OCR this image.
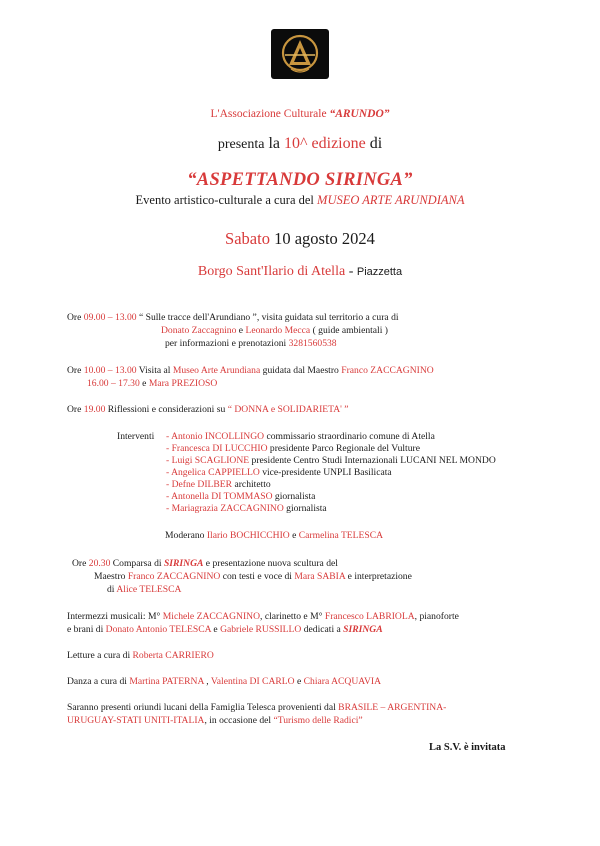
L'Associazione Culturale “ARUNDO”
presenta la 10^ edizione di
“ASPETTANDO SIRINGA”
Evento artistico-culturale a cura del MUSEO ARTE ARUNDIANA
Sabato 10 agosto 2024
Borgo Sant'Ilario di Atella - Piazzetta
Ore 09.00 – 13.00 “ Sulle tracce dell'Arundiano ”, visita guidata sul territorio a cura di
Donato Zaccagnino e Leonardo Mecca ( guide ambientali )
per informazioni e prenotazioni 3281560538
Ore 10.00 – 13.00 Visita al Museo Arte Arundiana guidata dal Maestro Franco ZACCAGNINO
16.00 – 17.30 e Mara PREZIOSO
Ore 19.00 Riflessioni e considerazioni su “ DONNA e SOLIDARIETA' ”
Interventi - Antonio INCOLLINGO commissario straordinario comune di Atella
- Francesca DI LUCCHIO presidente Parco Regionale del Vulture
- Luigi SCAGLIONE presidente Centro Studi Internazionali LUCANI NEL MONDO
- Angelica CAPPIELLO vice-presidente UNPLI Basilicata
- Defne DILBER architetto
- Antonella DI TOMMASO giornalista
- Mariagrazia ZACCAGNINO giornalista
Moderano Ilario BOCHICCHIO e Carmelina TELESCA
Ore 20.30 Comparsa di SIRINGA e presentazione nuova scultura del
Maestro Franco ZACCAGNINO con testi e voce di Mara SABIA e interpretazione
di Alice TELESCA
Intermezzi musicali: M° Michele ZACCAGNINO, clarinetto e M° Francesco LABRIOLA, pianoforte
e brani di Donato Antonio TELESCA e Gabriele RUSSILLO dedicati a SIRINGA
Letture a cura di Roberta CARRIERO
Danza a cura di Martina PATERNA , Valentina DI CARLO e Chiara ACQUAVIA
Saranno presenti oriundi lucani della Famiglia Telesca provenienti dal BRASILE – ARGENTINA-
URUGUAY-STATI UNITI-ITALIA, in occasione del “Turismo delle Radici”
La S.V. è invitata
